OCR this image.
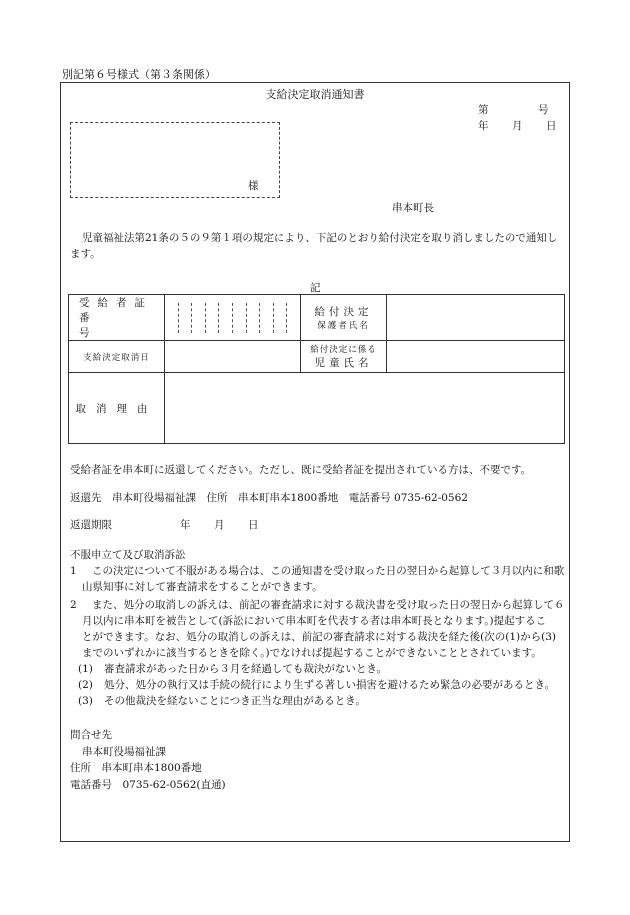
別記第６号様式（第３条関係）
支給決定取消通知書
第	号
年 月 日
様
串本町長
児童福祉法第21条の５の９第１項の規定により、下記のとおり給付決定を取り消しましたので通知します。
記
受給者証
番号		給付決定
保護者氏名	

支給決定取消日		給付決定に係る
児童氏名	

取消理由			
受給者証を串本町に返還してください。ただし、既に受給者証を提出されている方は、不要です。
返還先　串本町役場福祉課　住所　串本町串本1800番地　電話番号 0735-62-0562
返還期限	年 月 日
不服申立て及び取消訴訟
1 この決定について不服がある場合は、この通知書を受け取った日の翌日から起算して３月以内に和歌
山県知事に対して審査請求をすることができます。
2 また、処分の取消しの訴えは、前記の審査請求に対する裁決書を受け取った日の翌日から起算して６
月以内に串本町を被告として(訴訟において串本町を代表する者は串本町長となります。)提起するこ
とができます。なお、処分の取消しの訴えは、前記の審査請求に対する裁決を経た後(次の(1)から(3)
までのいずれかに該当するときを除く。)でなければ提起することができないこととされています。
(1) 審査請求があった日から３月を経過しても裁決がないとき。
(2) 処分、処分の執行又は手続の続行により生ずる著しい損害を避けるため緊急の必要があるとき。
(3) その他裁決を経ないことにつき正当な理由があるとき。
問合せ先
串本町役場福祉課
住所　串本町串本1800番地
電話番号　0735-62-0562(直通)
